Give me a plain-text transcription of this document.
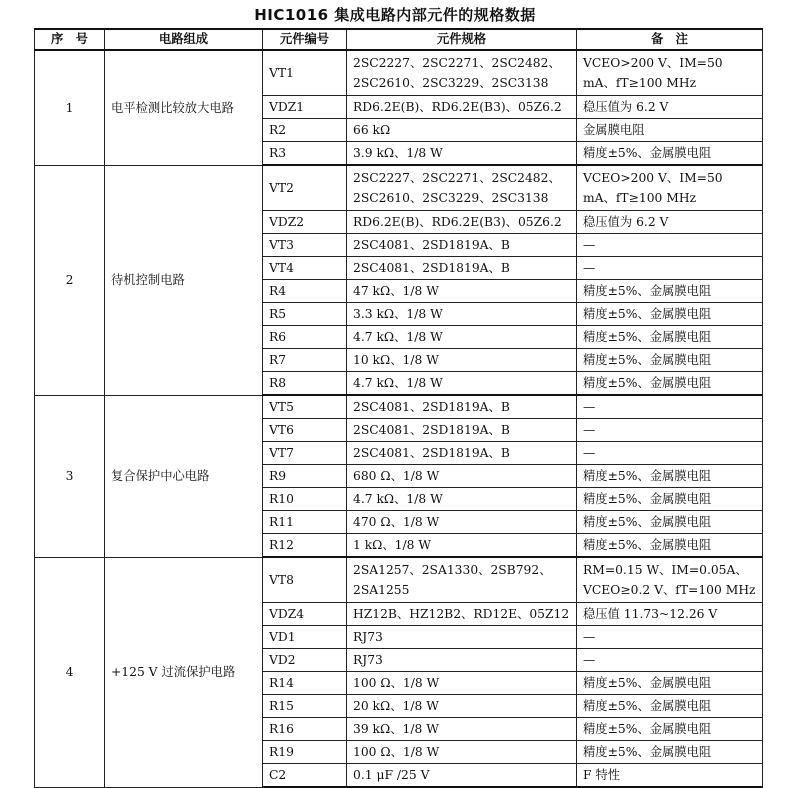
HIC1016 集成电路内部元件的规格数据
序　号	电路组成	元件编号	元件规格	备　注
1	电平检测比较放大电路	VT1	2SC2227、2SC2271、2SC2482、2SC2610、2SC3229、2SC3138	VCEO>200 V、IM=50 mA、fT≥100 MHz
		VDZ1	RD6.2E(B)、RD6.2E(B3)、05Z6.2	稳压值为 6.2 V
		R2	66 kΩ	金属膜电阻
		R3	3.9 kΩ、1/8 W	精度±5%、金属膜电阻
2	待机控制电路	VT2	2SC2227、2SC2271、2SC2482、2SC2610、2SC3229、2SC3138	VCEO>200 V、IM=50 mA、fT≥100 MHz
		VDZ2	RD6.2E(B)、RD6.2E(B3)、05Z6.2	稳压值为 6.2 V
		VT3	2SC4081、2SD1819A、B	—
		VT4	2SC4081、2SD1819A、B	—
		R4	47 kΩ、1/8 W	精度±5%、金属膜电阻
		R5	3.3 kΩ、1/8 W	精度±5%、金属膜电阻
		R6	4.7 kΩ、1/8 W	精度±5%、金属膜电阻
		R7	10 kΩ、1/8 W	精度±5%、金属膜电阻
		R8	4.7 kΩ、1/8 W	精度±5%、金属膜电阻
3	复合保护中心电路	VT5	2SC4081、2SD1819A、B	—
		VT6	2SC4081、2SD1819A、B	—
		VT7	2SC4081、2SD1819A、B	—
		R9	680 Ω、1/8 W	精度±5%、金属膜电阻
		R10	4.7 kΩ、1/8 W	精度±5%、金属膜电阻
		R11	470 Ω、1/8 W	精度±5%、金属膜电阻
		R12	1 kΩ、1/8 W	精度±5%、金属膜电阻
4	+125 V 过流保护电路	VT8	2SA1257、2SA1330、2SB792、2SA1255	RM=0.15 W、IM=0.05A、VCEO≥0.2 V、fT=100 MHz
		VDZ4	HZ12B、HZ12B2、RD12E、05Z12	稳压值 11.73~12.26 V
		VD1	RJ73	—
		VD2	RJ73	—
		R14	100 Ω、1/8 W	精度±5%、金属膜电阻
		R15	20 kΩ、1/8 W	精度±5%、金属膜电阻
		R16	39 kΩ、1/8 W	精度±5%、金属膜电阻
		R19	100 Ω、1/8 W	精度±5%、金属膜电阻
		C2	0.1 μF /25 V	F 特性
